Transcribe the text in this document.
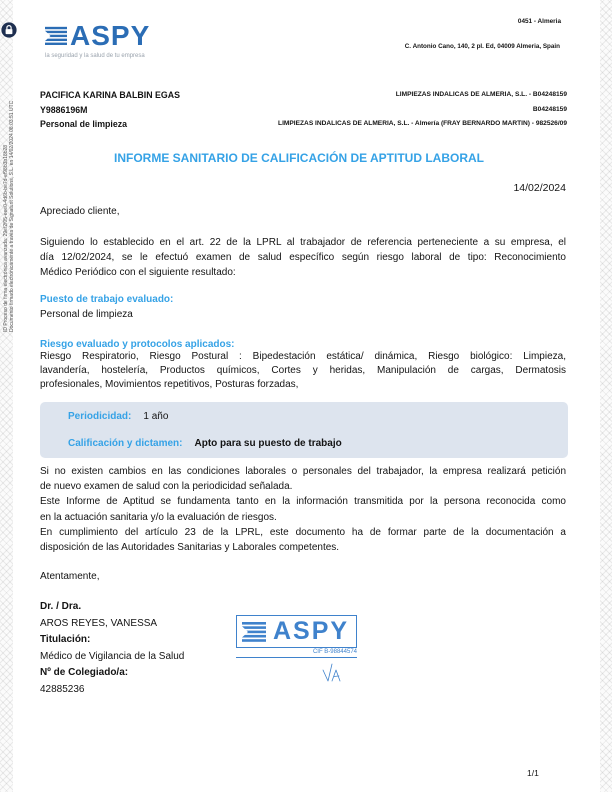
ID Proceso de firma electrónica avanzada: 29ef2f05-eee0-4d6b-be7d-ef98b3b18b28 Documento firmado electrónicamente a través de Signaturit Solutions, S.L. en 14/02/2024 08:03:51 UTC
ASPY
la seguridad y la salud de tu empresa
0451 - Almeria
C. Antonio Cano, 140, 2 pl. Ed, 04009 Almeria, Spain
PACIFICA KARINA BALBIN EGAS
Y9886196M
Personal de limpieza
LIMPIEZAS INDALICAS DE ALMERIA, S.L. - B04248159
B04248159
LIMPIEZAS INDALICAS DE ALMERIA, S.L. - Almería (FRAY BERNARDO MARTIN) - 982526/09
INFORME SANITARIO DE CALIFICACIÓN DE APTITUD LABORAL
14/02/2024
Apreciado cliente,
Siguiendo lo establecido en el art. 22 de la LPRL al trabajador de referencia perteneciente a su empresa, el
día 12/02/2024, se le efectuó examen de salud específico según riesgo laboral de tipo: Reconocimiento
Médico Periódico con el siguiente resultado:
Puesto de trabajo evaluado:
Personal de limpieza
Riesgo evaluado y protocolos aplicados:
Riesgo Respiratorio, Riesgo Postural : Bipedestación estática/ dinámica, Riesgo biológico: Limpieza,
lavandería, hostelería, Productos químicos, Cortes y heridas, Manipulación de cargas, Dermatosis
profesionales, Movimientos repetitivos, Posturas forzadas,
Periodicidad: 1 año
Calificación y dictamen: Apto para su puesto de trabajo
Si no existen cambios en las condiciones laborales o personales del trabajador, la empresa realizará petición
de nuevo examen de salud con la periodicidad señalada.
Este Informe de Aptitud se fundamenta tanto en la información transmitida por la persona reconocida como
en la actuación sanitaria y/o la evaluación de riesgos.
En cumplimiento del artículo 23 de la LPRL, este documento ha de formar parte de la documentación a
disposición de las Autoridades Sanitarias y Laborales competentes.
Atentamente,
Dr. / Dra.
AROS REYES, VANESSA
Titulación:
Médico de Vigilancia de la Salud
Nº de Colegiado/a:
42885236
ASPY
CIF B-98844574
1/1
